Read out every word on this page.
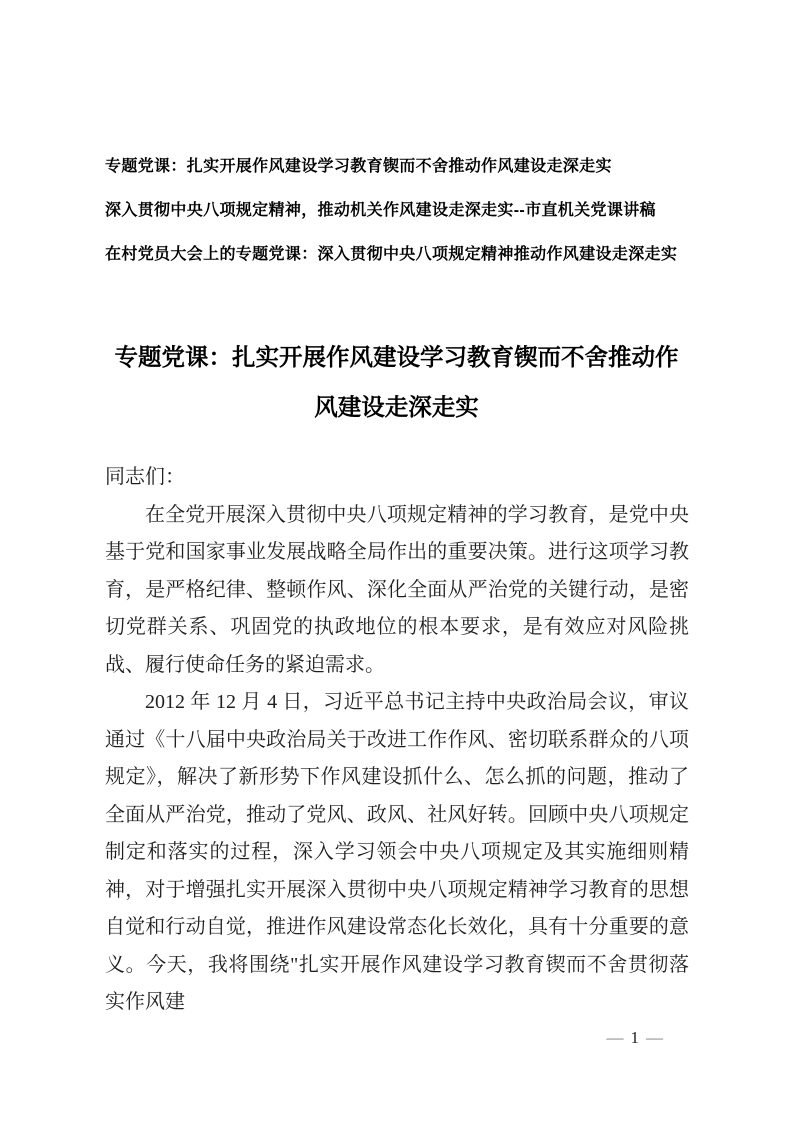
专题党课：扎实开展作风建设学习教育锲而不舍推动作风建设走深走实
深入贯彻中央八项规定精神，推动机关作风建设走深走实--市直机关党课讲稿
在村党员大会上的专题党课：深入贯彻中央八项规定精神推动作风建设走深走实
专题党课：扎实开展作风建设学习教育锲而不舍推动作风建设走深走实

同志们：

在全党开展深入贯彻中央八项规定精神的学习教育，是党中央基于党和国家事业发展战略全局作出的重要决策。进行这项学习教育，是严格纪律、整顿作风、深化全面从严治党的关键行动，是密切党群关系、巩固党的执政地位的根本要求，是有效应对风险挑战、履行使命任务的紧迫需求。

2012 年 12 月 4 日，习近平总书记主持中央政治局会议，审议通过《十八届中央政治局关于改进工作作风、密切联系群众的八项规定》，解决了新形势下作风建设抓什么、怎么抓的问题，推动了全面从严治党，推动了党风、政风、社风好转。回顾中央八项规定制定和落实的过程，深入学习领会中央八项规定及其实施细则精神，对于增强扎实开展深入贯彻中央八项规定精神学习教育的思想自觉和行动自觉，推进作风建设常态化长效化，具有十分重要的意义。今天，我将围绕"扎实开展作风建设学习教育锲而不舍贯彻落实作风建

— 1 —
